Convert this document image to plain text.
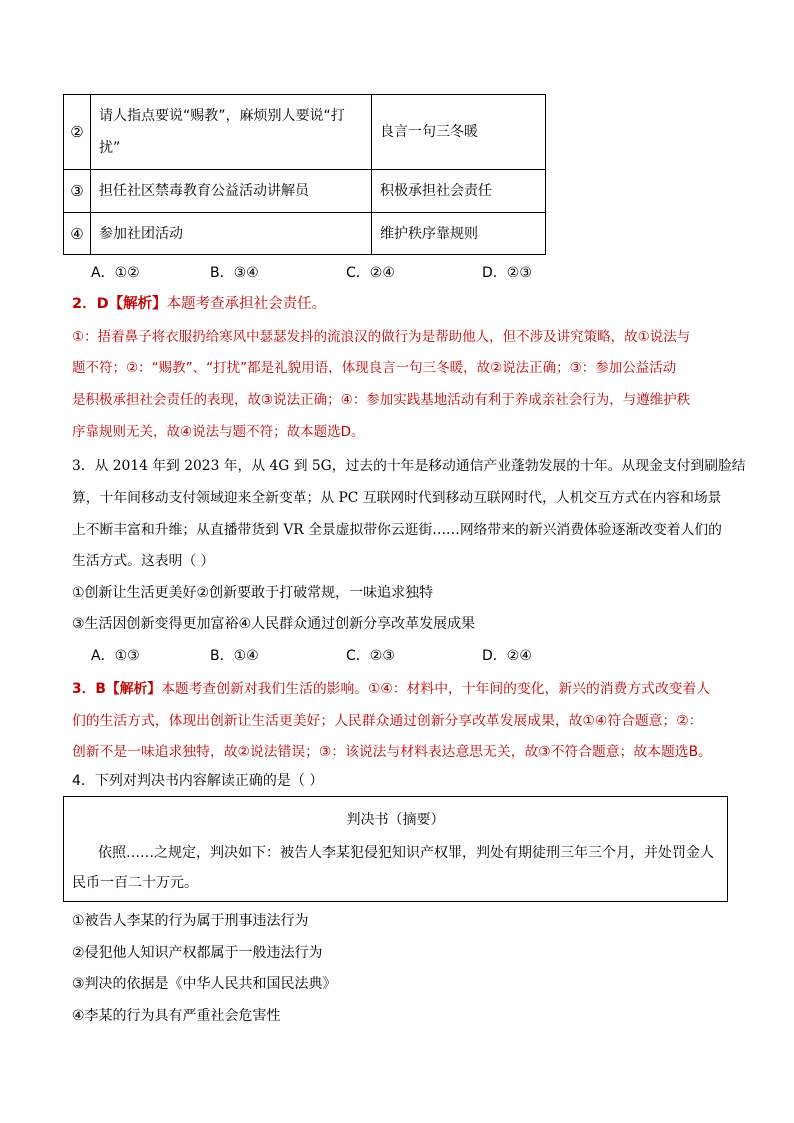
②	请人指点要说“赐教”，麻烦别人要说“打
扰”	良言一句三冬暖
③	担任社区禁毒教育公益活动讲解员	积极承担社会责任
④	参加社团活动	维护秩序靠规则
A．①②	B．③④	C．②④	D．②③
2．D【解析】本题考查承担社会责任。
①：捂着鼻子将衣服扔给寒风中瑟瑟发抖的流浪汉的做行为是帮助他人，但不涉及讲究策略，故①说法与
题不符；②：“赐教”、“打扰”都是礼貌用语，体现良言一句三冬暖，故②说法正确；③：参加公益活动
是积极承担社会责任的表现，故③说法正确；④：参加实践基地活动有利于养成亲社会行为，与遵维护秩
序靠规则无关，故④说法与题不符；故本题选D。
3．从 2014 年到 2023 年，从 4G 到 5G，过去的十年是移动通信产业蓬勃发展的十年。从现金支付到刷脸结
算，十年间移动支付领域迎来全新变革；从 PC 互联网时代到移动互联网时代，人机交互方式在内容和场景
上不断丰富和升维；从直播带货到 VR 全景虚拟带你云逛街……网络带来的新兴消费体验逐渐改变着人们的
生活方式。这表明（ ）
①创新让生活更美好②创新要敢于打破常规，一味追求独特
③生活因创新变得更加富裕④人民群众通过创新分享改革发展成果
A．①③	B．①④	C．②③	D．②④
3．B【解析】本题考查创新对我们生活的影响。①④：材料中，十年间的变化，新兴的消费方式改变着人
们的生活方式，体现出创新让生活更美好；人民群众通过创新分享改革发展成果，故①④符合题意；②：
创新不是一味追求独特，故②说法错误；③：该说法与材料表达意思无关，故③不符合题意；故本题选B。
4．下列对判决书内容解读正确的是（ ）
判决书（摘要）
依照……之规定，判决如下：被告人李某犯侵犯知识产权罪，判处有期徒刑三年三个月，并处罚金人
民币一百二十万元。
①被告人李某的行为属于刑事违法行为
②侵犯他人知识产权都属于一般违法行为
③判决的依据是《中华人民共和国民法典》
④李某的行为具有严重社会危害性
